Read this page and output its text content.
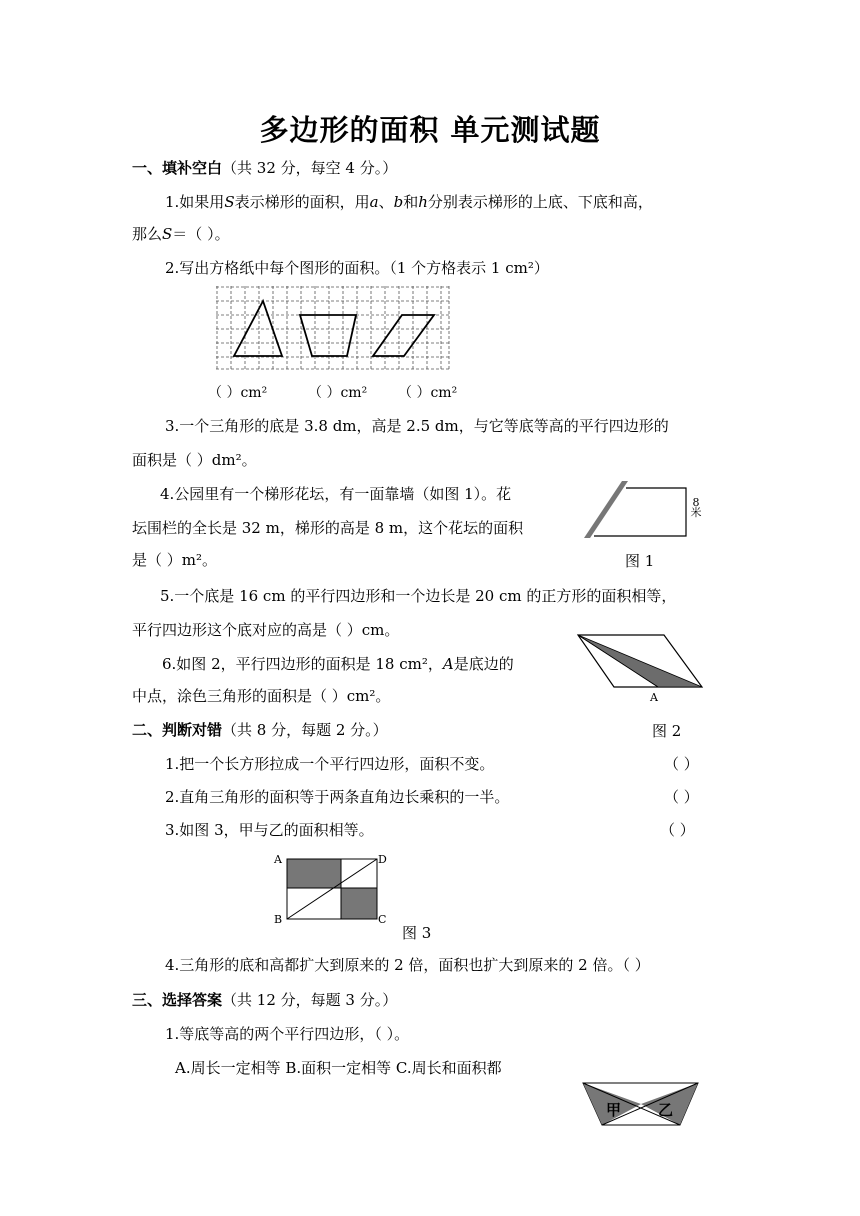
多边形的面积 单元测试题
一、填补空白（共 32 分，每空 4 分。）
1.如果用S表示梯形的面积，用a、b和h分别表示梯形的上底、下底和高，
那么S＝（ ）。
2.写出方格纸中每个图形的面积。（1 个方格表示 1 cm²）
（ ）cm²	（ ）cm² （ ）cm²
3.一个三角形的底是 3.8 dm，高是 2.5 dm，与它等底等高的平行四边形的
面积是（ ）dm²。
4.公园里有一个梯形花坛，有一面靠墙（如图 1）。花
坛围栏的全长是 32 m，梯形的高是 8 m，这个花坛的面积
是（ ）m²。
8米
图 1
5.一个底是 16 cm 的平行四边形和一个边长是 20 cm 的正方形的面积相等，
平行四边形这个底对应的高是（ ）cm。
6.如图 2，平行四边形的面积是 18 cm²，A是底边的
中点，涂色三角形的面积是（ ）cm²。	A
图 2
二、判断对错（共 8 分，每题 2 分。）
1.把一个长方形拉成一个平行四边形，面积不变。	（ ）
2.直角三角形的面积等于两条直角边长乘积的一半。	（ ）
3.如图 3，甲与乙的面积相等。	（ ）
A	D
B	C
图 3
4.三角形的底和高都扩大到原来的 2 倍，面积也扩大到原来的 2 倍。（ ）
三、选择答案（共 12 分，每题 3 分。）
1.等底等高的两个平行四边形，（ ）。
A.周长一定相等 B.面积一定相等 C.周长和面积都
甲 乙
